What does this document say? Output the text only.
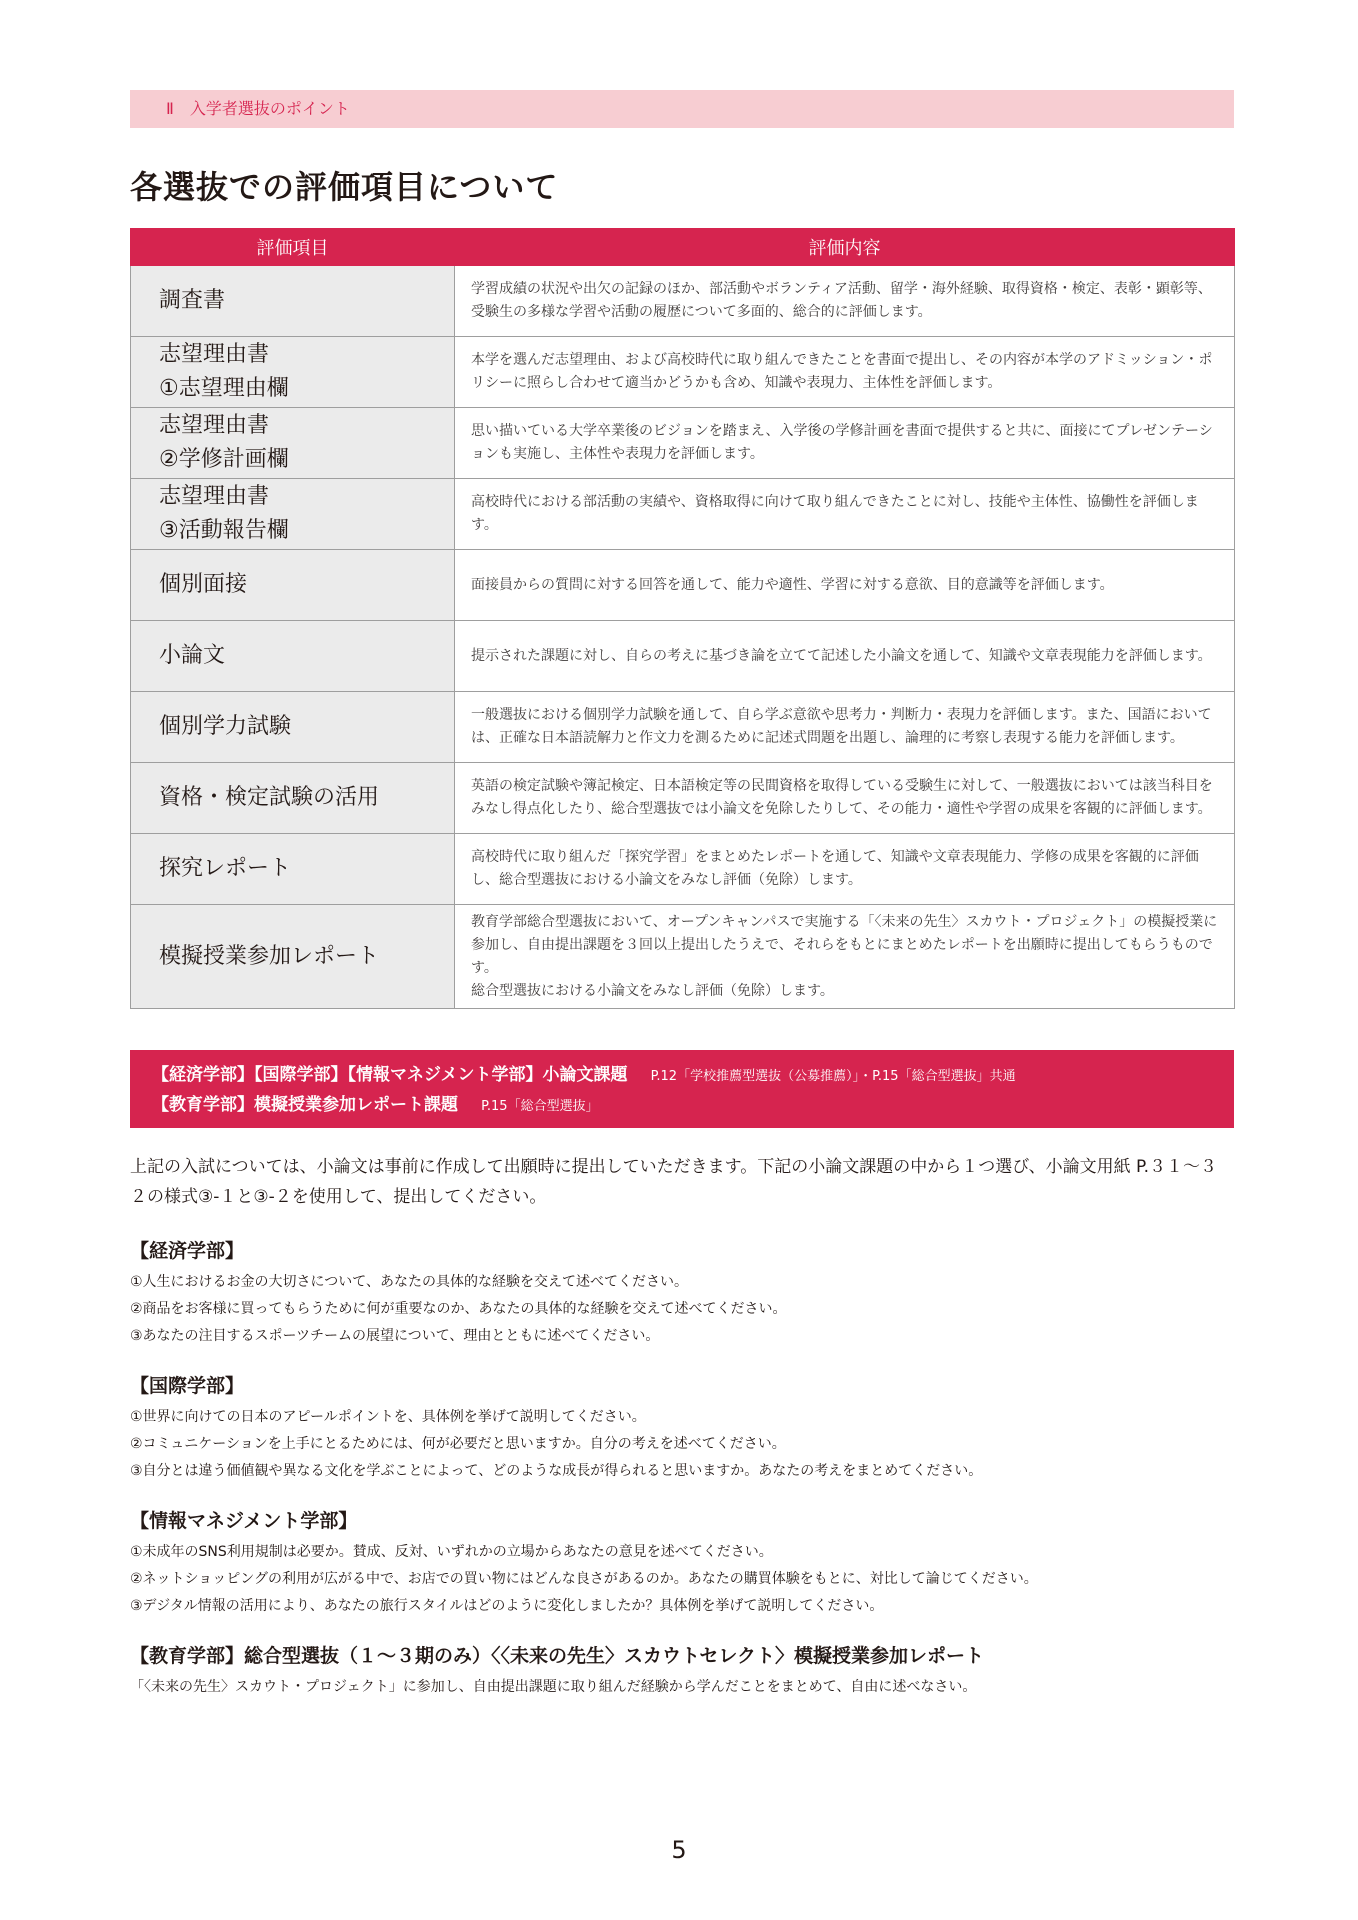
Ⅱ　入学者選抜のポイント
各選抜での評価項目について
評価項目	評価内容

調査書	学習成績の状況や出欠の記録のほか、部活動やボランティア活動、留学・海外経験、取得資格・検定、表彰・顕彰等、受験生の多様な学習や活動の履歴について多面的、総合的に評価します。

志望理由書
①志望理由欄	本学を選んだ志望理由、および高校時代に取り組んできたことを書面で提出し、その内容が本学のアドミッション・ポリシーに照らし合わせて適当かどうかも含め、知識や表現力、主体性を評価します。

志望理由書
②学修計画欄	思い描いている大学卒業後のビジョンを踏まえ、入学後の学修計画を書面で提供すると共に、面接にてプレゼンテーションも実施し、主体性や表現力を評価します。

志望理由書
③活動報告欄	高校時代における部活動の実績や、資格取得に向けて取り組んできたことに対し、技能や主体性、協働性を評価します。

個別面接	面接員からの質問に対する回答を通して、能力や適性、学習に対する意欲、目的意識等を評価します。

小論文	提示された課題に対し、自らの考えに基づき論を立てて記述した小論文を通して、知識や文章表現能力を評価します。

個別学力試験	一般選抜における個別学力試験を通して、自ら学ぶ意欲や思考力・判断力・表現力を評価します。また、国語においては、正確な日本語読解力と作文力を測るために記述式問題を出題し、論理的に考察し表現する能力を評価します。

資格・検定試験の活用	英語の検定試験や簿記検定、日本語検定等の民間資格を取得している受験生に対して、一般選抜においては該当科目をみなし得点化したり、総合型選抜では小論文を免除したりして、その能力・適性や学習の成果を客観的に評価します。

探究レポート	高校時代に取り組んだ「探究学習」をまとめたレポートを通して、知識や文章表現能力、学修の成果を客観的に評価し、総合型選抜における小論文をみなし評価（免除）します。

模擬授業参加レポート	教育学部総合型選抜において、オープンキャンパスで実施する「〈未来の先生〉スカウト・プロジェクト」の模擬授業に参加し、自由提出課題を３回以上提出したうえで、それらをもとにまとめたレポートを出願時に提出してもらうものです。
総合型選抜における小論文をみなし評価（免除）します。
【経済学部】【国際学部】【情報マネジメント学部】小論文課題 P.12「学校推薦型選抜（公募推薦）」・P.15「総合型選抜」共通
【教育学部】模擬授業参加レポート課題 P.15「総合型選抜」

上記の入試については、小論文は事前に作成して出願時に提出していただきます。下記の小論文課題の中から１つ選び、小論文用紙 P.３１～３２の様式③-１と③-２を使用して、提出してください。

【経済学部】
①人生におけるお金の大切さについて、あなたの具体的な経験を交えて述べてください。
②商品をお客様に買ってもらうために何が重要なのか、あなたの具体的な経験を交えて述べてください。
③あなたの注目するスポーツチームの展望について、理由とともに述べてください。
【国際学部】
①世界に向けての日本のアピールポイントを、具体例を挙げて説明してください。
②コミュニケーションを上手にとるためには、何が必要だと思いますか。自分の考えを述べてください。
③自分とは違う価値観や異なる文化を学ぶことによって、どのような成長が得られると思いますか。あなたの考えをまとめてください。
【情報マネジメント学部】
①未成年のSNS利用規制は必要か。賛成、反対、いずれかの立場からあなたの意見を述べてください。
②ネットショッピングの利用が広がる中で、お店での買い物にはどんな良さがあるのか。あなたの購買体験をもとに、対比して論じてください。
③デジタル情報の活用により、あなたの旅行スタイルはどのように変化しましたか？具体例を挙げて説明してください。
【教育学部】総合型選抜（１～３期のみ）〈〈未来の先生〉スカウトセレクト〉模擬授業参加レポート
「〈未来の先生〉スカウト・プロジェクト」に参加し、自由提出課題に取り組んだ経験から学んだことをまとめて、自由に述べなさい。
5
